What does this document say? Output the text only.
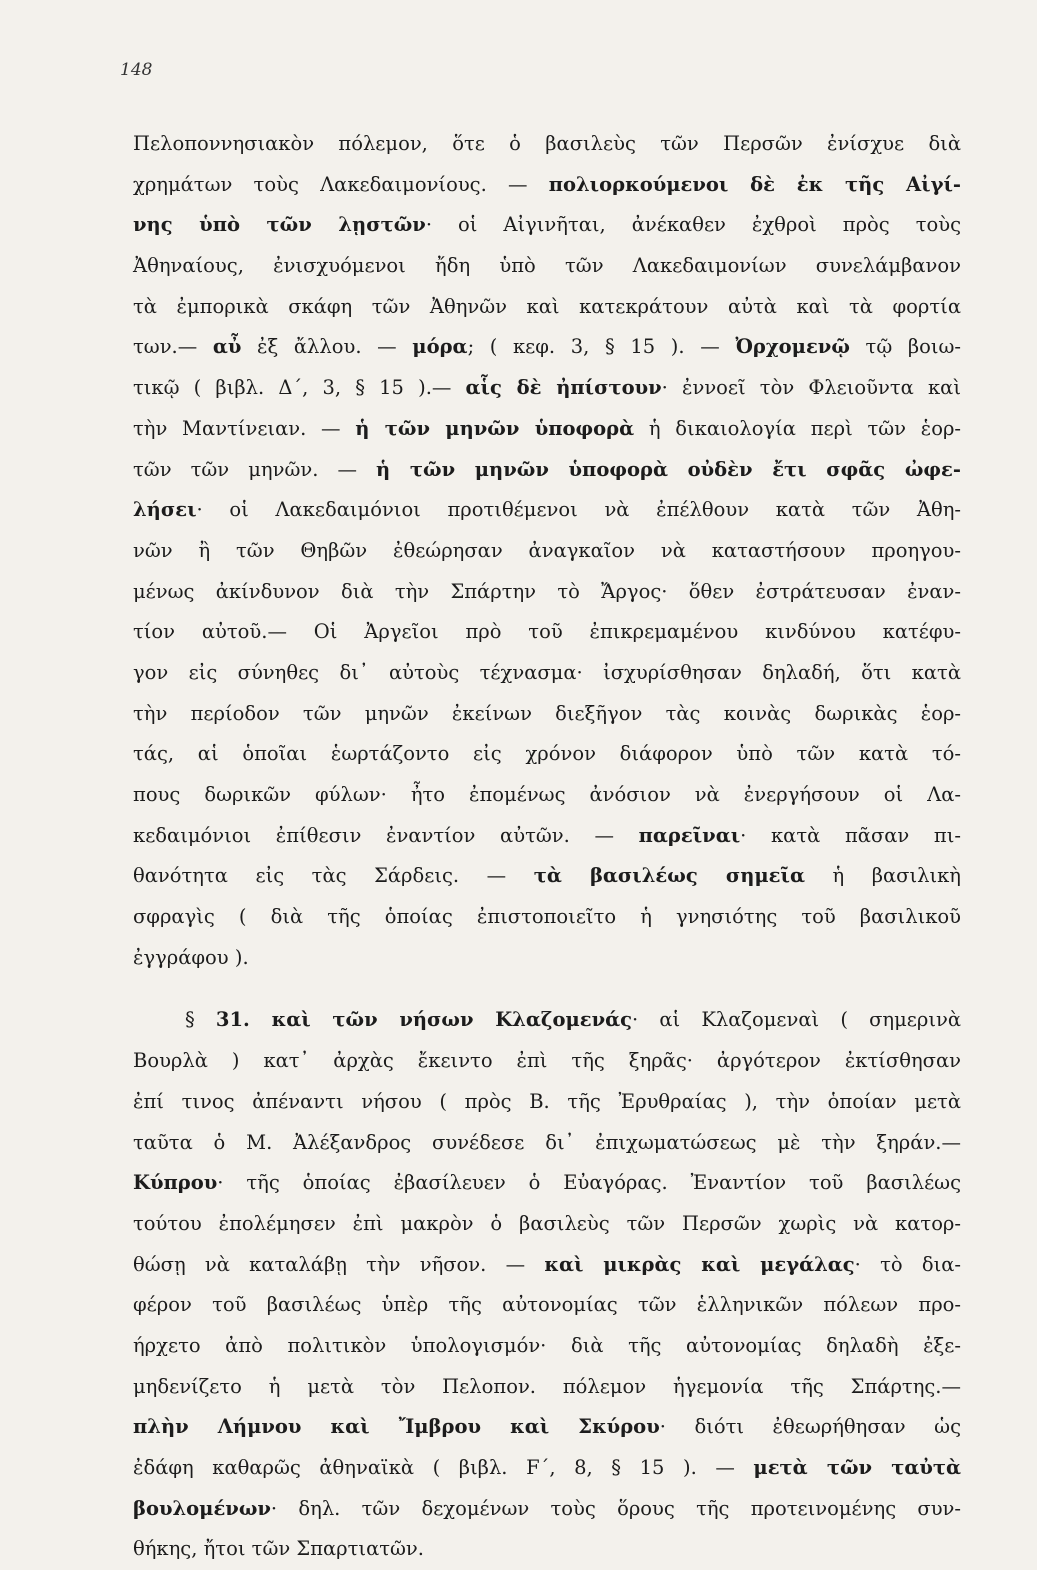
148
Πελοποννησιακὸν πόλεμον, ὅτε ὁ βασιλεὺς τῶν Περσῶν ἐνίσχυε διὰ
χρημάτων τοὺς Λακεδαιμονίους. — πολιορκούμενοι δὲ ἐκ τῆς Αἰγί-
νης ὑπὸ τῶν λῃστῶν· οἱ Αἰγινῆται, ἀνέκαθεν ἐχθροὶ πρὸς τοὺς
Ἀθηναίους, ἐνισχυόμενοι ἤδη ὑπὸ τῶν Λακεδαιμονίων συνελάμβανον
τὰ ἐμπορικὰ σκάφη τῶν Ἀθηνῶν καὶ κατεκράτουν αὐτὰ καὶ τὰ φορτία
των.— αὖ ἐξ ἄλλου. — μόρα; ( κεφ. 3, § 15 ). — Ὀρχομενῷ τῷ βοιω-
τικῷ ( βιβλ. Δ΄, 3, § 15 ).— αἷς δὲ ἠπίστουν· ἐννοεῖ τὸν Φλειοῦντα καὶ
τὴν Μαντίνειαν. — ἡ τῶν μηνῶν ὑποφορὰ ἡ δικαιολογία περὶ τῶν ἑορ-
τῶν τῶν μηνῶν. — ἡ τῶν μηνῶν ὑποφορὰ οὐδὲν ἔτι σφᾶς ὠφε-
λήσει· οἱ Λακεδαιμόνιοι προτιθέμενοι νὰ ἐπέλθουν κατὰ τῶν Ἀθη-
νῶν ἢ τῶν Θηβῶν ἐθεώρησαν ἀναγκαῖον νὰ καταστήσουν προηγου-
μένως ἀκίνδυνον διὰ τὴν Σπάρτην τὸ Ἄργος· ὅθεν ἐστράτευσαν ἐναν-
τίον αὐτοῦ.— Οἱ Ἀργεῖοι πρὸ τοῦ ἐπικρεμαμένου κινδύνου κατέφυ-
γον εἰς σύνηθες δι᾽ αὐτοὺς τέχνασμα· ἰσχυρίσθησαν δηλαδή, ὅτι κατὰ
τὴν περίοδον τῶν μηνῶν ἐκείνων διεξῆγον τὰς κοινὰς δωρικὰς ἑορ-
τάς, αἱ ὁποῖαι ἑωρτάζοντο εἰς χρόνον διάφορον ὑπὸ τῶν κατὰ τό-
πους δωρικῶν φύλων· ἦτο ἐπομένως ἀνόσιον νὰ ἐνεργήσουν οἱ Λα-
κεδαιμόνιοι ἐπίθεσιν ἐναντίον αὐτῶν. — παρεῖναι· κατὰ πᾶσαν πι-
θανότητα εἰς τὰς Σάρδεις. — τὰ βασιλέως σημεῖα ἡ βασιλικὴ
σφραγὶς ( διὰ τῆς ὁποίας ἐπιστοποιεῖτο ἡ γνησιότης τοῦ βασιλικοῦ
ἐγγράφου ).
§ 31. καὶ τῶν νήσων Κλαζομενάς· αἱ Κλαζομεναὶ ( σημερινὰ
Βουρλὰ ) κατ᾽ ἀρχὰς ἔκειντο ἐπὶ τῆς ξηρᾶς· ἀργότερον ἐκτίσθησαν
ἐπί τινος ἀπέναντι νήσου ( πρὸς Β. τῆς Ἐρυθραίας ), τὴν ὁποίαν μετὰ
ταῦτα ὁ Μ. Ἀλέξανδρος συνέδεσε δι᾽ ἐπιχωματώσεως μὲ τὴν ξηράν.—
Κύπρου· τῆς ὁποίας ἐβασίλευεν ὁ Εὐαγόρας. Ἐναντίον τοῦ βασιλέως
τούτου ἐπολέμησεν ἐπὶ μακρὸν ὁ βασιλεὺς τῶν Περσῶν χωρὶς νὰ κατορ-
θώσῃ νὰ καταλάβῃ τὴν νῆσον. — καὶ μικρὰς καὶ μεγάλας· τὸ δια-
φέρον τοῦ βασιλέως ὑπὲρ τῆς αὐτονομίας τῶν ἑλληνικῶν πόλεων προ-
ήρχετο ἀπὸ πολιτικὸν ὑπολογισμόν· διὰ τῆς αὐτονομίας δηλαδὴ ἐξε-
μηδενίζετο ἡ μετὰ τὸν Πελοπον. πόλεμον ἡγεμονία τῆς Σπάρτης.—
πλὴν Λήμνου καὶ Ἴμβρου καὶ Σκύρου· διότι ἐθεωρήθησαν ὡς
ἐδάφη καθαρῶς ἀθηναϊκὰ ( βιβλ. F΄, 8, § 15 ). — μετὰ τῶν ταὐτὰ
βουλομένων· δηλ. τῶν δεχομένων τοὺς ὅρους τῆς προτεινομένης συν-
θήκης, ἤτοι τῶν Σπαρτιατῶν.
